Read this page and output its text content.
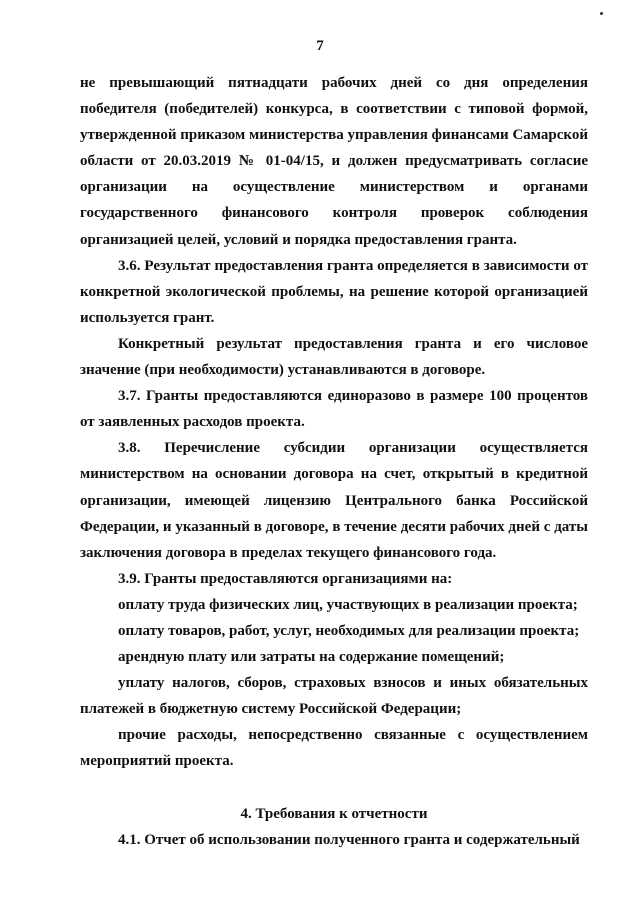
7

не превышающий пятнадцати рабочих дней со дня определения победителя (победителей) конкурса, в соответствии с типовой формой, утвержденной приказом министерства управления финансами Самарской области от 20.03.2019 № 01-04/15, и должен предусматривать согласие организации на осуществление министерством и органами государственного финансового контроля проверок соблюдения организацией целей, условий и порядка предоставления гранта.

3.6. Результат предоставления гранта определяется в зависимости от конкретной экологической проблемы, на решение которой организацией используется грант.

Конкретный результат предоставления гранта и его числовое значение (при необходимости) устанавливаются в договоре.

3.7. Гранты предоставляются единоразово в размере 100 процентов от заявленных расходов проекта.

3.8. Перечисление субсидии организации осуществляется министерством на основании договора на счет, открытый в кредитной организации, имеющей лицензию Центрального банка Российской Федерации, и указанный в договоре, в течение десяти рабочих дней с даты заключения договора в пределах текущего финансового года.

3.9. Гранты предоставляются организациями на:

оплату труда физических лиц, участвующих в реализации проекта;

оплату товаров, работ, услуг, необходимых для реализации проекта;

арендную плату или затраты на содержание помещений;

уплату налогов, сборов, страховых взносов и иных обязательных платежей в бюджетную систему Российской Федерации;

прочие расходы, непосредственно связанные с осуществлением мероприятий проекта.

4. Требования к отчетности

4.1. Отчет об использовании полученного гранта и содержательный
